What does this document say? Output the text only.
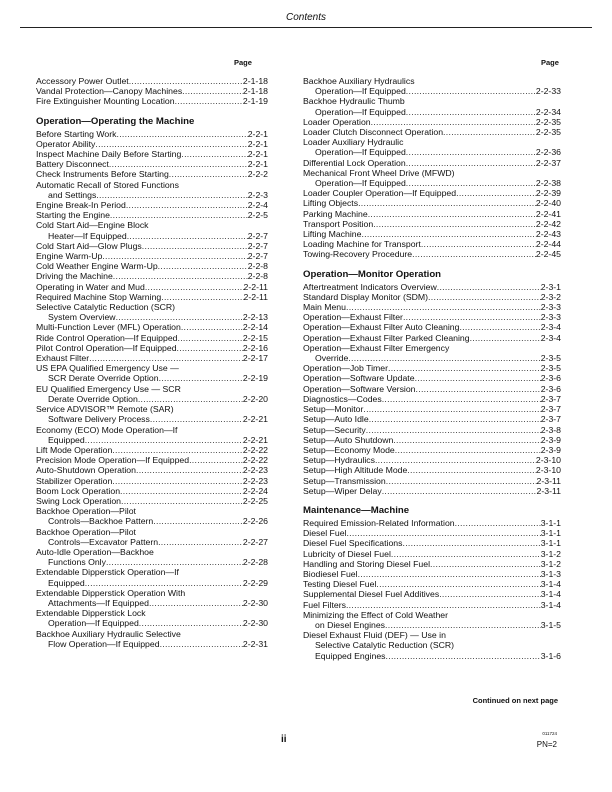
Contents
Page	Page
Accessory Power Outlet .....	2-1-18
Vandal Protection—Canopy Machines .....	2-1-18
Fire Extinguisher Mounting Location .....	2-1-19
Operation—Operating the Machine
Before Starting Work .....	2-2-1
Operator Ability .....	2-2-1
Inspect Machine Daily Before Starting .....	2-2-1
Battery Disconnect .....	2-2-1
Check Instruments Before Starting .....	2-2-2
Automatic Recall of Stored Functions
and Settings .....	2-2-3
Engine Break-In Period .....	2-2-4
Starting the Engine .....	2-2-5
Cold Start Aid—Engine Block
Heater—If Equipped .....	2-2-7
Cold Start Aid—Glow Plugs .....	2-2-7
Engine Warm-Up .....	2-2-7
Cold Weather Engine Warm-Up .....	2-2-8
Driving the Machine .....	2-2-8
Operating in Water and Mud .....	2-2-11
Required Machine Stop Warning .....	2-2-11
Selective Catalytic Reduction (SCR)
System Overview .....	2-2-13
Multi-Function Lever (MFL) Operation .....	2-2-14
Ride Control Operation—If Equipped .....	2-2-15
Pilot Control Operation—If Equipped .....	2-2-16
Exhaust Filter .....	2-2-17
US EPA Qualified Emergency Use —
SCR Derate Override Option .....	2-2-19
EU Qualified Emergency Use — SCR
Derate Override Option .....	2-2-20
Service ADVISOR™ Remote (SAR)
Software Delivery Process .....	2-2-21
Economy (ECO) Mode Operation—If
Equipped .....	2-2-21
Lift Mode Operation .....	2-2-22
Precision Mode Operation—If Equipped .....	2-2-22
Auto-Shutdown Operation .....	2-2-23
Stabilizer Operation .....	2-2-23
Boom Lock Operation .....	2-2-24
Swing Lock Operation .....	2-2-25
Backhoe Operation—Pilot
Controls—Backhoe Pattern .....	2-2-26
Backhoe Operation—Pilot
Controls—Excavator Pattern .....	2-2-27
Auto-Idle Operation—Backhoe
Functions Only .....	2-2-28
Extendable Dipperstick Operation—If
Equipped .....	2-2-29
Extendable Dipperstick Operation With
Attachments—If Equipped .....	2-2-30
Extendable Dipperstick Lock
Operation—If Equipped .....	2-2-30
Backhoe Auxiliary Hydraulic Selective
Flow Operation—If Equipped .....	2-2-31
Backhoe Auxiliary Hydraulics
Operation—If Equipped .....	2-2-33
Backhoe Hydraulic Thumb
Operation—If Equipped .....	2-2-34
Loader Operation .....	2-2-35
Loader Clutch Disconnect Operation .....	2-2-35
Loader Auxiliary Hydraulic
Operation—If Equipped .....	2-2-36
Differential Lock Operation .....	2-2-37
Mechanical Front Wheel Drive (MFWD)
Operation—If Equipped .....	2-2-38
Loader Coupler Operation—If Equipped .....	2-2-39
Lifting Objects .....	2-2-40
Parking Machine .....	2-2-41
Transport Position .....	2-2-42
Lifting Machine .....	2-2-43
Loading Machine for Transport .....	2-2-44
Towing-Recovery Procedure .....	2-2-45
Operation—Monitor Operation
Aftertreatment Indicators Overview .....	2-3-1
Standard Display Monitor (SDM) .....	2-3-2
Main Menu .....	2-3-3
Operation—Exhaust Filter .....	2-3-3
Operation—Exhaust Filter Auto Cleaning .....	2-3-4
Operation—Exhaust Filter Parked Cleaning .....	2-3-4
Operation—Exhaust Filter Emergency
Override .....	2-3-5
Operation—Job Timer .....	2-3-5
Operation—Software Update .....	2-3-6
Operation—Software Version .....	2-3-6
Diagnostics—Codes .....	2-3-7
Setup—Monitor .....	2-3-7
Setup—Auto Idle .....	2-3-7
Setup—Security .....	2-3-8
Setup—Auto Shutdown .....	2-3-9
Setup—Economy Mode .....	2-3-9
Setup—Hydraulics .....	2-3-10
Setup—High Altitude Mode .....	2-3-10
Setup—Transmission .....	2-3-11
Setup—Wiper Delay .....	2-3-11
Maintenance—Machine
Required Emission-Related Information .....	3-1-1
Diesel Fuel .....	3-1-1
Diesel Fuel Specifications .....	3-1-1
Lubricity of Diesel Fuel .....	3-1-2
Handling and Storing Diesel Fuel .....	3-1-2
Biodiesel Fuel .....	3-1-3
Testing Diesel Fuel .....	3-1-4
Supplemental Diesel Fuel Additives .....	3-1-4
Fuel Filters .....	3-1-4
Minimizing the Effect of Cold Weather
on Diesel Engines .....	3-1-5
Diesel Exhaust Fluid (DEF) — Use in
Selective Catalytic Reduction (SCR)
Equipped Engines .....	3-1-6
Continued on next page
ii
011724
PN=2
